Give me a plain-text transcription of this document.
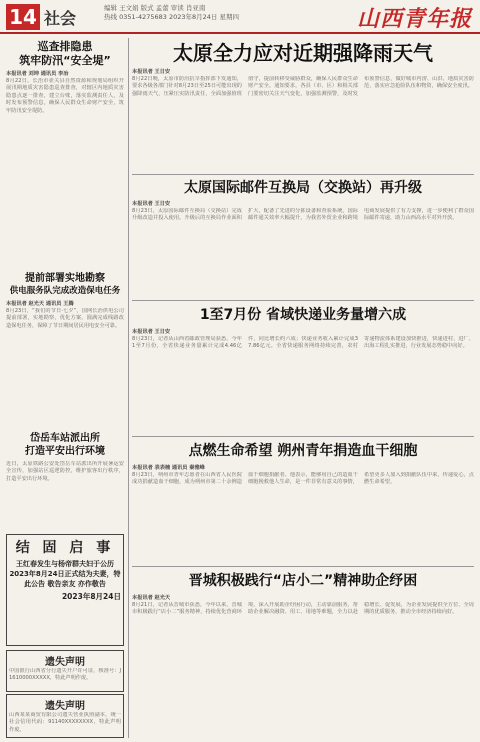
14 社会
编辑 王文娟 版式 孟蕾 审读 肖亚南
热线 0351-4275683 2023年8月24日 星期四	山西青年报
巡查排隐患
筑牢防汛“安全堤”
本报讯者 刘坤 通讯员 李冶
8月22日，长治市壶关县自然资源和规划局组织开展汛期地质灾害隐患巡查排查，对辖区内地质灾害隐患点逐一排查，建立台账，落实监测责任人，及时发布预警信息，确保人民群众生命财产安全，筑牢防汛安全堤防。
提前部署实地勘察
供电服务队完成改造保电任务
本报讯者 赵光天 通讯员 王腾
8月23日，“我们的节日·七夕”，国网长治供电公司提前部署，实地勘察，优化方案，圆满完成线路改造保电任务，保障了节日期间居民用电安全可靠。
岱岳车站派出所
打造平安出行环境
近日，太原铁路公安处岱岳车站派出所开展暑运安全宣传，加强站区巡逻防控，维护旅客出行秩序，打造平安出行环境。
结 固 启 事
王红春发生与杨帝群夫妇于公历2023年8月24日正式结为夫妻，特此公告 敬告亲友 亦作敬告
2023年8月24日
遗失声明
中国银行山西省分行遗失开户许可证，核准号：J1610000XXXXX，特此声明作废。
遗失声明
山西某某商贸有限公司遗失营业执照副本，统一社会信用代码：91140XXXXXXXX，特此声明作废。
太原全力应对近期强降雨天气
本报讯者 王日安
8月22日晚，太原市防汛抗旱指挥部下发通知，要求各级各部门针对8月23日至25日可能出现的强降雨天气，压紧压实防汛责任，全面加强值班值守，提前转移受威胁群众，确保人民群众生命财产安全。通知要求，各县（市、区）和相关部门要密切关注天气变化，加强监测预警，及时发布预警信息，做好城市内涝、山洪、地质灾害防范，落实应急抢险队伍和物资，确保安全度汛。
太原国际邮件互换局（交换站）再升级
本报讯者 王日安
8月23日，太原国际邮件互换局（交换站）完成升级改造并投入使用。升级后的互换局作业面积扩大，配备了先进的分拣设备和查验系统，国际邮件通关效率大幅提升，为我省外贸企业和跨境电商发展提供了有力支撑，进一步便利了群众国际邮件寄递，助力山西高水平对外开放。
1至7月份 省域快递业务量增六成
本报讯者 王日安
8月23日，记者从山西省邮政管理局获悉，今年1至7月份，全省快递业务量累计完成4.46亿件，同比增长约六成；快递业务收入累计完成37.86亿元。全省快递服务网络持续完善，农村寄递物流体系建设加快推进，快递进村、进厂、出海工程扎实推进，行业发展态势稳中向好。
点燃生命希望 朔州青年捐造血干细胞
本报讯者 表表楠 通讯员 秦雅峰
8月23日，朔州市青年志愿者在山西省人民医院成功捐献造血干细胞，成为朔州市第二十余例造血干细胞捐献者。他表示，能够用自己的造血干细胞挽救他人生命，是一件非常有意义的事情，希望更多人加入到捐献队伍中来，传递爱心，点燃生命希望。
晋城积极践行“店小二”精神助企纾困
本报讯者 赵光天
8月21日，记者从晋城市获悉，今年以来，晋城市积极践行“店小二”服务精神，持续优化营商环境，深入开展助企纾困行动，主动靠前服务，帮助企业解决融资、用工、用地等难题，全力以赴稳增长、促发展，为企业发展提供全方位、全周期的优质服务，推动全市经济持续向好。
